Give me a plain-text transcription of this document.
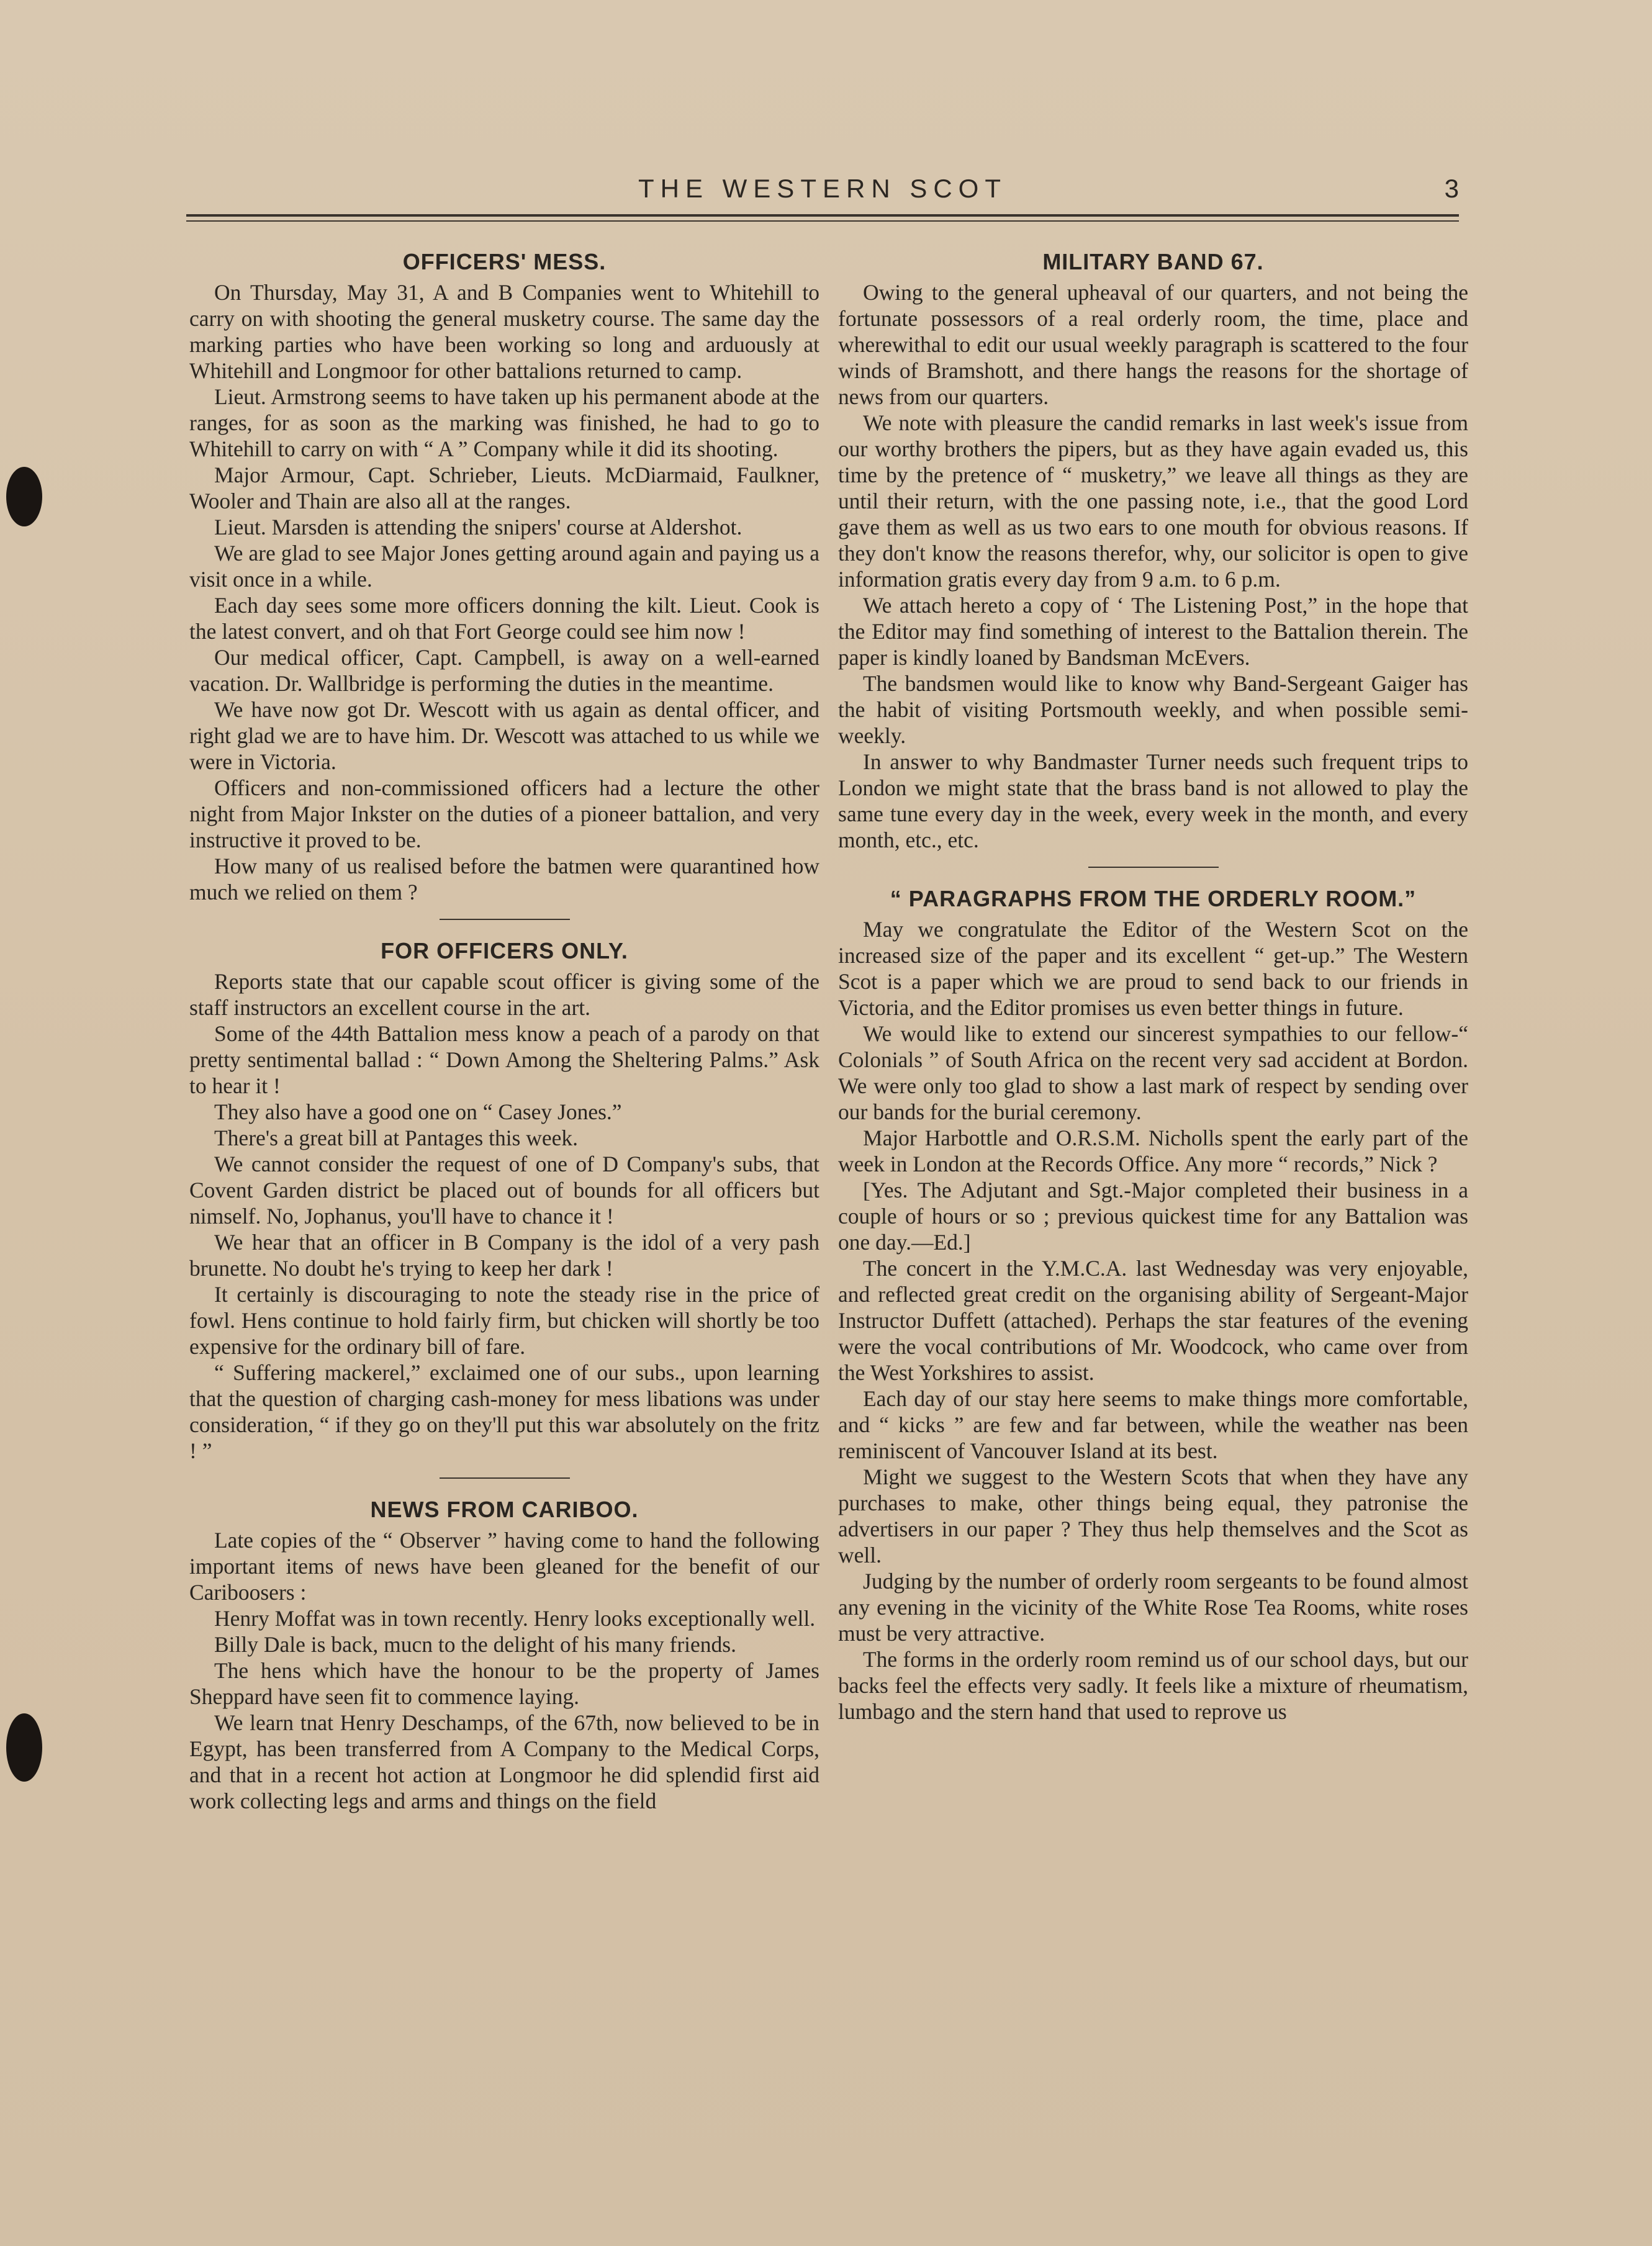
THE WESTERN SCOT	3
OFFICERS' MESS.

On Thursday, May 31, A and B Companies went to Whitehill to carry on with shooting the general musketry course. The same day the marking parties who have been working so long and arduously at Whitehill and Longmoor for other battalions returned to camp.

Lieut. Armstrong seems to have taken up his permanent abode at the ranges, for as soon as the marking was finished, he had to go to Whitehill to carry on with “ A ” Company while it did its shooting.

Major Armour, Capt. Schrieber, Lieuts. McDiarmaid, Faulkner, Wooler and Thain are also all at the ranges.

Lieut. Marsden is attending the snipers' course at Aldershot.

We are glad to see Major Jones getting around again and paying us a visit once in a while.

Each day sees some more officers donning the kilt. Lieut. Cook is the latest convert, and oh that Fort George could see him now !

Our medical officer, Capt. Campbell, is away on a well-earned vacation. Dr. Wallbridge is performing the duties in the meantime.

We have now got Dr. Wescott with us again as dental officer, and right glad we are to have him. Dr. Wescott was attached to us while we were in Victoria.

Officers and non-commissioned officers had a lecture the other night from Major Inkster on the duties of a pioneer battalion, and very instructive it proved to be.

How many of us realised before the batmen were quarantined how much we relied on them ?

FOR OFFICERS ONLY.

Reports state that our capable scout officer is giving some of the staff instructors an excellent course in the art.

Some of the 44th Battalion mess know a peach of a parody on that pretty sentimental ballad : “ Down Among the Sheltering Palms.” Ask to hear it !

They also have a good one on “ Casey Jones.”

There's a great bill at Pantages this week.

We cannot consider the request of one of D Company's subs, that Covent Garden district be placed out of bounds for all officers but nimself. No, Jophanus, you'll have to chance it !

We hear that an officer in B Company is the idol of a very pash brunette. No doubt he's trying to keep her dark !

It certainly is discouraging to note the steady rise in the price of fowl. Hens continue to hold fairly firm, but chicken will shortly be too expensive for the ordinary bill of fare.

“ Suffering mackerel,” exclaimed one of our subs., upon learning that the question of charging cash-money for mess libations was under consideration, “ if they go on they'll put this war absolutely on the fritz ! ”

NEWS FROM CARIBOO.

Late copies of the “ Observer ” having come to hand the following important items of news have been gleaned for the benefit of our Cariboosers :

Henry Moffat was in town recently. Henry looks exceptionally well.

Billy Dale is back, mucn to the delight of his many friends.

The hens which have the honour to be the property of James Sheppard have seen fit to commence laying.

We learn tnat Henry Deschamps, of the 67th, now believed to be in Egypt, has been transferred from A Company to the Medical Corps, and that in a recent hot action at Longmoor he did splendid first aid work collecting legs and arms and things on the field

MILITARY BAND 67.

Owing to the general upheaval of our quarters, and not being the fortunate possessors of a real orderly room, the time, place and wherewithal to edit our usual weekly paragraph is scattered to the four winds of Bramshott, and there hangs the reasons for the shortage of news from our quarters.

We note with pleasure the candid remarks in last week's issue from our worthy brothers the pipers, but as they have again evaded us, this time by the pretence of “ musketry,” we leave all things as they are until their return, with the one passing note, i.e., that the good Lord gave them as well as us two ears to one mouth for obvious reasons. If they don't know the reasons therefor, why, our solicitor is open to give information gratis every day from 9 a.m. to 6 p.m.

We attach hereto a copy of ‘ The Listening Post,” in the hope that the Editor may find something of interest to the Battalion therein. The paper is kindly loaned by Bandsman McEvers.

The bandsmen would like to know why Band-Sergeant Gaiger has the habit of visiting Portsmouth weekly, and when possible semi-weekly.

In answer to why Bandmaster Turner needs such frequent trips to London we might state that the brass band is not allowed to play the same tune every day in the week, every week in the month, and every month, etc., etc.

“ PARAGRAPHS FROM THE ORDERLY ROOM.”

May we congratulate the Editor of the Western Scot on the increased size of the paper and its excellent “ get-up.” The Western Scot is a paper which we are proud to send back to our friends in Victoria, and the Editor promises us even better things in future.

We would like to extend our sincerest sympathies to our fellow-“ Colonials ” of South Africa on the recent very sad accident at Bordon. We were only too glad to show a last mark of respect by sending over our bands for the burial ceremony.

Major Harbottle and O.R.S.M. Nicholls spent the early part of the week in London at the Records Office. Any more “ records,” Nick ?

[Yes. The Adjutant and Sgt.-Major completed their business in a couple of hours or so ; previous quickest time for any Battalion was one day.—Ed.]

The concert in the Y.M.C.A. last Wednesday was very enjoyable, and reflected great credit on the organising ability of Sergeant-Major Instructor Duffett (attached). Perhaps the star features of the evening were the vocal contributions of Mr. Woodcock, who came over from the West Yorkshires to assist.

Each day of our stay here seems to make things more comfortable, and “ kicks ” are few and far between, while the weather nas been reminiscent of Vancouver Island at its best.

Might we suggest to the Western Scots that when they have any purchases to make, other things being equal, they patronise the advertisers in our paper ? They thus help themselves and the Scot as well.

Judging by the number of orderly room sergeants to be found almost any evening in the vicinity of the White Rose Tea Rooms, white roses must be very attractive.

The forms in the orderly room remind us of our school days, but our backs feel the effects very sadly. It feels like a mixture of rheumatism, lumbago and the stern hand that used to reprove us
